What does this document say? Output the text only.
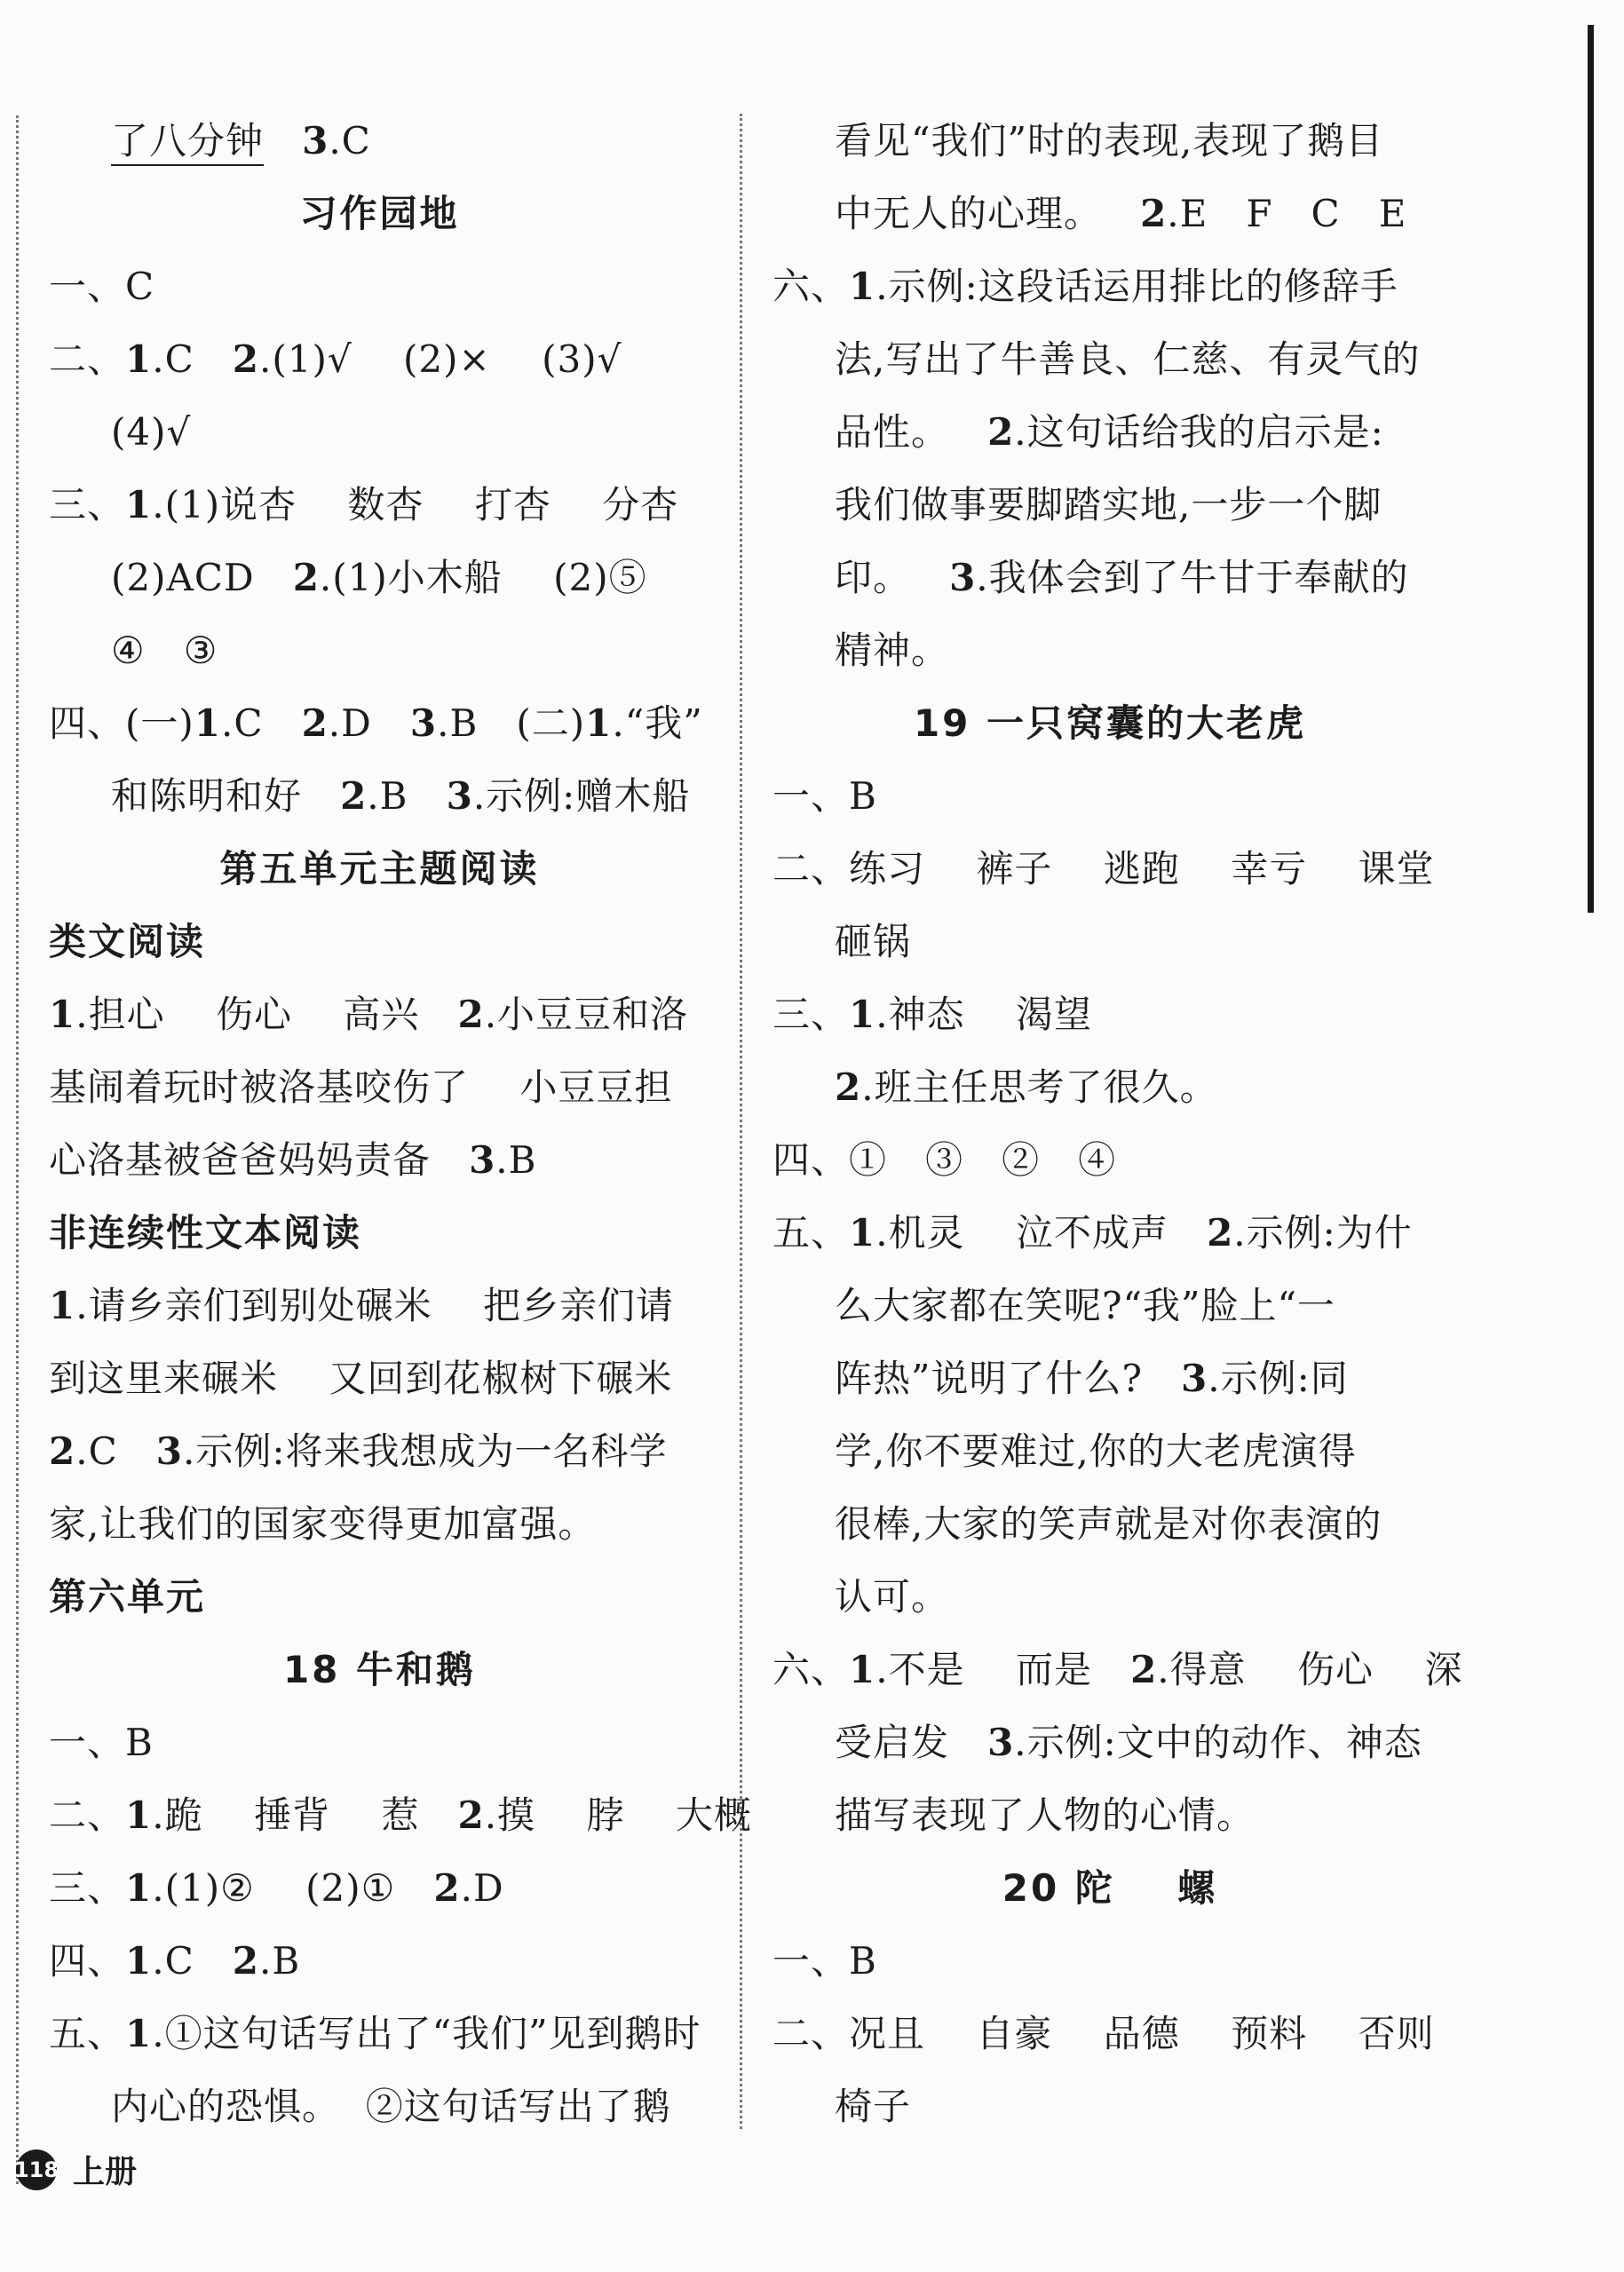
了八分钟 3.C
习作园地
一、C
二、1.C   2.(1)√    (2)×    (3)√
(4)√
三、1.(1)说杏    数杏    打杏    分杏
(2)ACD   2.(1)小木船    (2)⑤
④   ③
四、(一)1.C   2.D   3.B   (二)1.“我”
和陈明和好   2.B   3.示例:赠木船
第五单元主题阅读
类文阅读
1.担心    伤心    高兴   2.小豆豆和洛
基闹着玩时被洛基咬伤了    小豆豆担
心洛基被爸爸妈妈责备   3.B
非连续性文本阅读
1.请乡亲们到别处碾米    把乡亲们请
到这里来碾米    又回到花椒树下碾米
2.C   3.示例:将来我想成为一名科学
家,让我们的国家变得更加富强。
第六单元
18 牛和鹅
一、B
二、1.跪    捶背    惹   2.摸    脖    大概
三、1.(1)②    (2)①   2.D
四、1.C   2.B
五、1.①这句话写出了“我们”见到鹅时
内心的恐惧。  ②这句话写出了鹅
看见“我们”时的表现,表现了鹅目
中无人的心理。   2.E   F   C   E
六、1.示例:这段话运用排比的修辞手
法,写出了牛善良、仁慈、有灵气的
品性。   2.这句话给我的启示是:
我们做事要脚踏实地,一步一个脚
印。   3.我体会到了牛甘于奉献的
精神。
19 一只窝囊的大老虎
一、B
二、练习    裤子    逃跑    幸亏    课堂
砸锅
三、1.神态    渴望
2.班主任思考了很久。
四、①   ③   ②   ④
五、1.机灵    泣不成声   2.示例:为什
么大家都在笑呢?“我”脸上“一
阵热”说明了什么?   3.示例:同
学,你不要难过,你的大老虎演得
很棒,大家的笑声就是对你表演的
认可。
六、1.不是    而是   2.得意    伤心    深
受启发   3.示例:文中的动作、神态
描写表现了人物的心情。
20 陀    螺
一、B
二、况且    自豪    品德    预料    否则
椅子
118 上册
